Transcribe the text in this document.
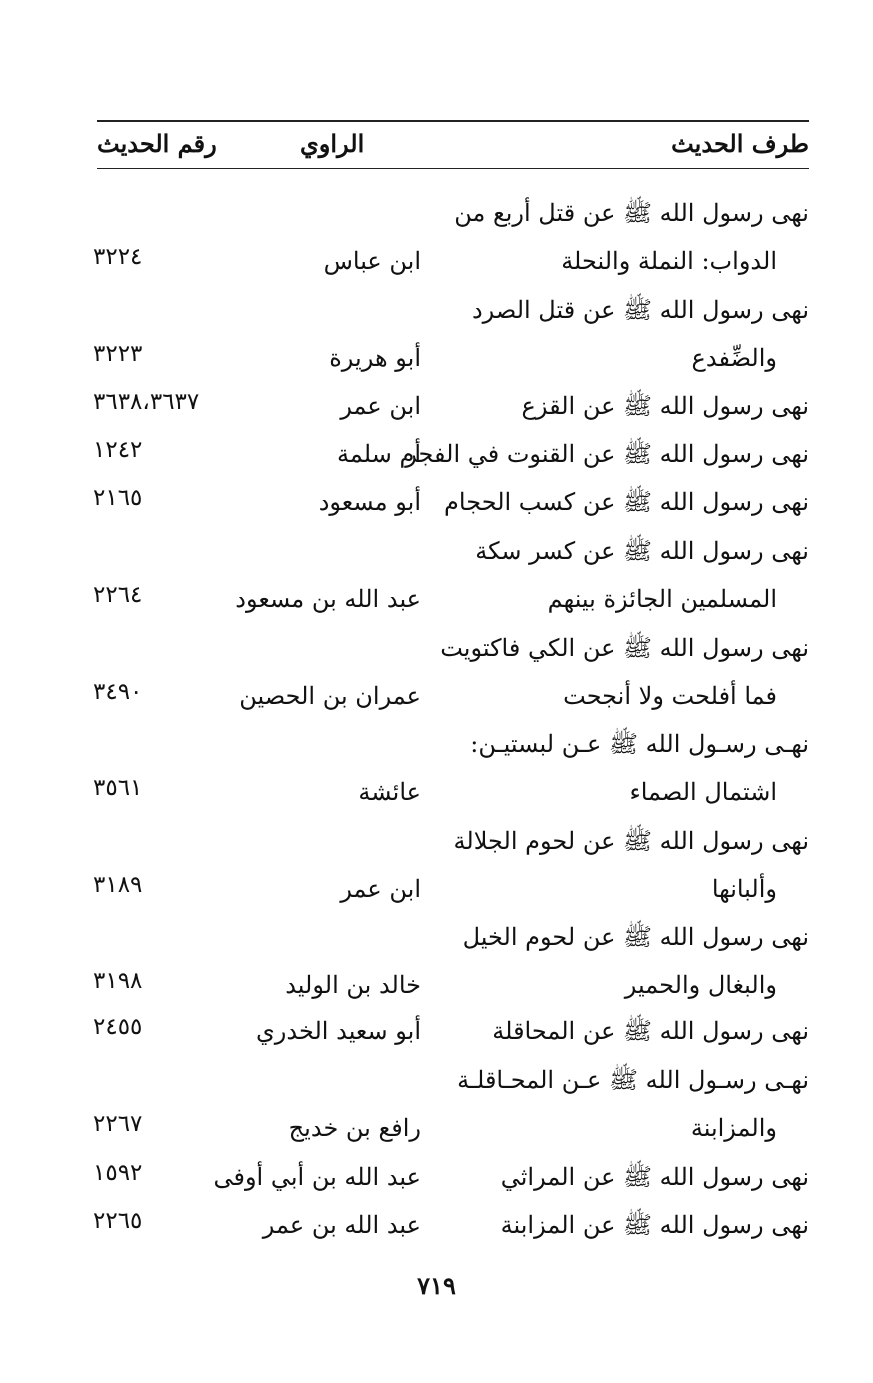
طرف الحديث
الراوي
رقم الحديث
نهى رسول الله ﷺ عن قتل أربع من
الدواب: النملة والنحلة
ابن عباس
٣٢٢٤
نهى رسول الله ﷺ عن قتل الصرد
والضِّفدع
أبو هريرة
٣٢٢٣
نهى رسول الله ﷺ عن القزع
ابن عمر
٣٦٣٨،٣٦٣٧
نهى رسول الله ﷺ عن القنوت في الفجر
أم سلمة
١٢٤٢
نهى رسول الله ﷺ عن كسب الحجام
أبو مسعود
٢١٦٥
نهى رسول الله ﷺ عن كسر سكة
المسلمين الجائزة بينهم
عبد الله بن مسعود
٢٢٦٤
نهى رسول الله ﷺ عن الكي فاكتويت
فما أفلحت ولا أنجحت
عمران بن الحصين
٣٤٩٠
نهـى رسـول الله ﷺ عـن لبستيـن:
اشتمال الصماء
عائشة
٣٥٦١
نهى رسول الله ﷺ عن لحوم الجلالة
وألبانها
ابن عمر
٣١٨٩
نهى رسول الله ﷺ عن لحوم الخيل
والبغال والحمير
خالد بن الوليد
٣١٩٨
نهى رسول الله ﷺ عن المحاقلة
أبو سعيد الخدري
٢٤٥٥
نهـى رسـول الله ﷺ عـن المحـاقلـة
والمزابنة
رافع بن خديج
٢٢٦٧
نهى رسول الله ﷺ عن المراثي
عبد الله بن أبي أوفى
١٥٩٢
نهى رسول الله ﷺ عن المزابنة
عبد الله بن عمر
٢٢٦٥
٧١٩
